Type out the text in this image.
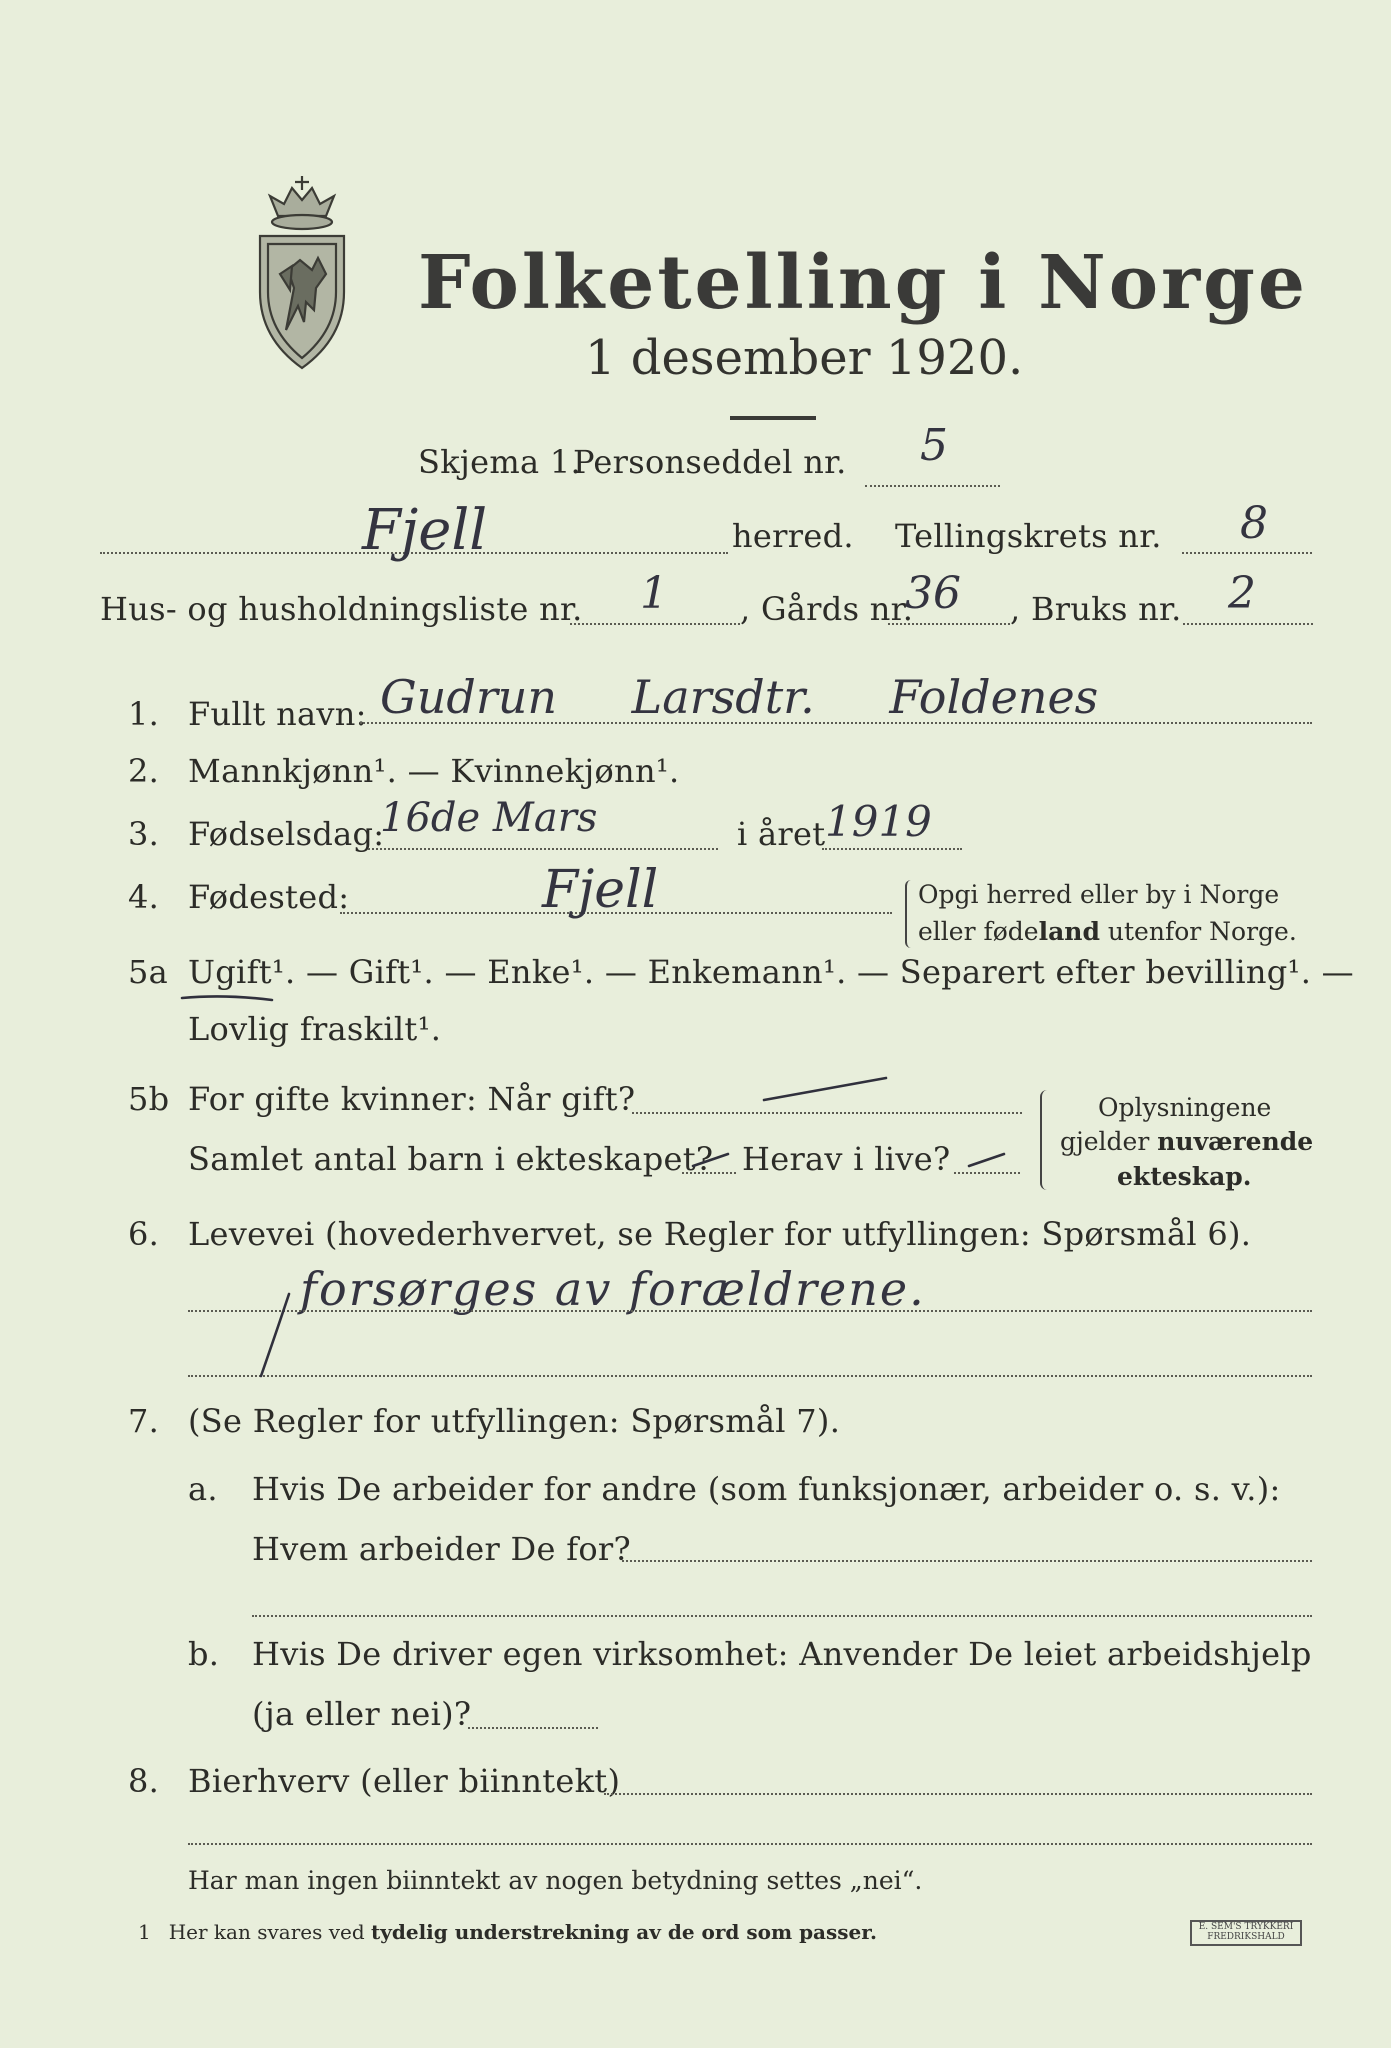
Folketelling i Norge
1 desember 1920.
Skjema 1.
Personseddel nr. 5
Fjell	herred. Tellingskrets nr. 8
Hus- og husholdningsliste nr. 1 , Gårds nr.
36 , Bruks nr. 2
1. Fullt navn: Gudrun Larsdtr. Foldenes
2. Mannkjønn¹. — Kvinnekjønn¹.
3. Fødselsdag:
16de Mars	i året 1919
4. Fødested:	Fjell	Opgi herred eller by i Norge
eller fødeland utenfor Norge.
5a Ugift¹. — Gift¹. — Enke¹. — Enkemann¹. — Separert efter bevilling¹. —
Lovlig fraskilt¹.
5b For gifte kvinner: Når gift?
Samlet antal barn i ekteskapet? Herav i live?
Oplysningene
gjelder nuværende
ekteskap.
6. Levevei (hovederhvervet, se Regler for utfyllingen: Spørsmål 6).
forsørges av forældrene.
7. (Se Regler for utfyllingen: Spørsmål 7).
a. Hvis De arbeider for andre (som funksjonær, arbeider o. s. v.):
Hvem arbeider De for?
b. Hvis De driver egen virksomhet: Anvender De leiet arbeidshjelp
(ja eller nei)?
8. Bierhverv (eller biinntekt)
Har man ingen biinntekt av nogen betydning settes „nei“.
1 Her kan svares ved tydelig understrekning av de ord som passer.	E. SEM'S TRYKKERI
FREDRIKSHALD
